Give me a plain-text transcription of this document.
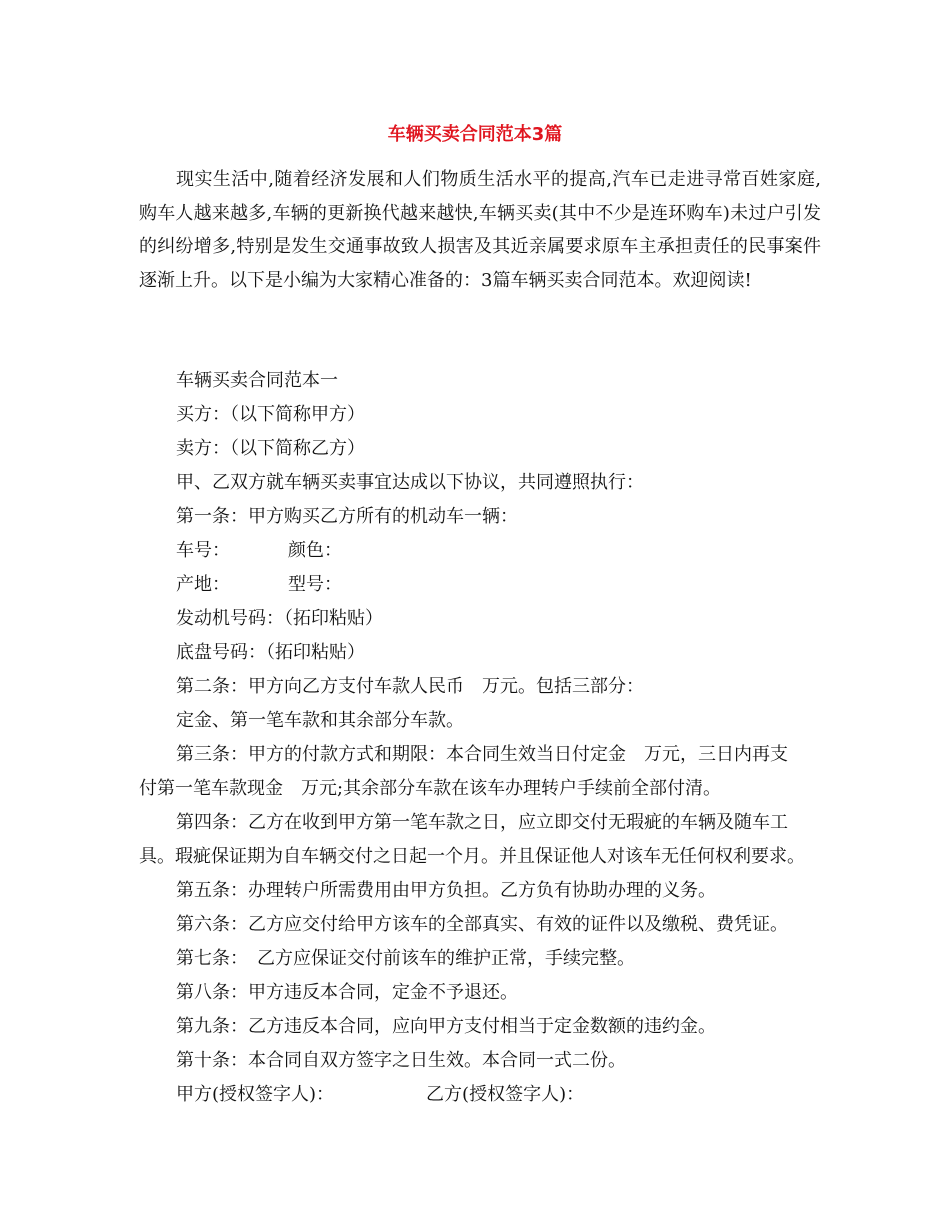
车辆买卖合同范本3篇

现实生活中,随着经济发展和人们物质生活水平的提高,汽车已走进寻常百姓家庭,购车人越来越多,车辆的更新换代越来越快,车辆买卖(其中不少是连环购车)未过户引发的纠纷增多,特别是发生交通事故致人损害及其近亲属要求原车主承担责任的民事案件逐渐上升。以下是小编为大家精心准备的：3篇车辆买卖合同范本。欢迎阅读!

车辆买卖合同范本一
买方：（以下简称甲方）
卖方：（以下简称乙方）
甲、乙双方就车辆买卖事宜达成以下协议，共同遵照执行：
第一条：甲方购买乙方所有的机动车一辆：
车号：	颜色：
产地：	型号：
发动机号码：（拓印粘贴）
底盘号码：（拓印粘贴）
第二条：甲方向乙方支付车款人民币　万元。包括三部分：
定金、第一笔车款和其余部分车款。
第三条：甲方的付款方式和期限：本合同生效当日付定金　万元，三日内再支
付第一笔车款现金　万元;其余部分车款在该车办理转户手续前全部付清。
第四条：乙方在收到甲方第一笔车款之日，应立即交付无瑕疵的车辆及随车工
具。瑕疵保证期为自车辆交付之日起一个月。并且保证他人对该车无任何权利要求。
第五条：办理转户所需费用由甲方负担。乙方负有协助办理的义务。
第六条：乙方应交付给甲方该车的全部真实、有效的证件以及缴税、费凭证。
第七条：　乙方应保证交付前该车的维护正常，手续完整。
第八条：甲方违反本合同，定金不予退还。
第九条：乙方违反本合同，应向甲方支付相当于定金数额的违约金。
第十条：本合同自双方签字之日生效。本合同一式二份。
甲方(授权签字人)：	乙方(授权签字人)：
